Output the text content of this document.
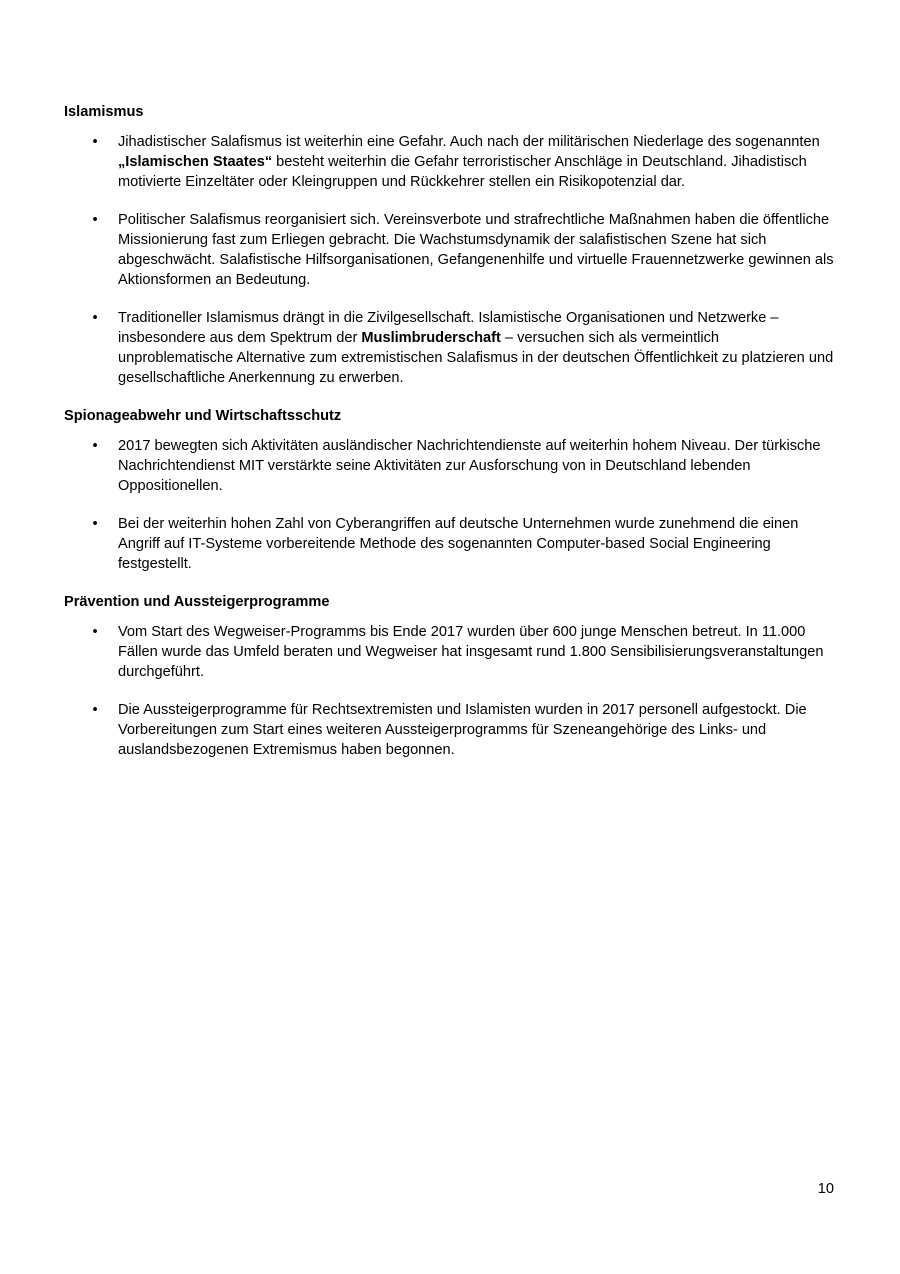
Islamismus
• Jihadistischer Salafismus ist weiterhin eine Gefahr. Auch nach der militärischen Niederlage des sogenannten „Islamischen Staates“ besteht weiterhin die Gefahr terroristischer Anschläge in Deutschland. Jihadistisch motivierte Einzeltäter oder Kleingruppen und Rückkehrer stellen ein Risikopotenzial dar.
• Politischer Salafismus reorganisiert sich. Vereinsverbote und strafrechtliche Maßnahmen haben die öffentliche Missionierung fast zum Erliegen gebracht. Die Wachstumsdynamik der salafistischen Szene hat sich abgeschwächt. Salafistische Hilfsorganisationen, Gefangenenhilfe und virtuelle Frauennetzwerke gewinnen als Aktionsformen an Bedeutung.
• Traditioneller Islamismus drängt in die Zivilgesellschaft. Islamistische Organisationen und Netzwerke – insbesondere aus dem Spektrum der Muslimbruderschaft – versuchen sich als vermeintlich unproblematische Alternative zum extremistischen Salafismus in der deutschen Öffentlichkeit zu platzieren und gesellschaftliche Anerkennung zu erwerben.
Spionageabwehr und Wirtschaftsschutz
• 2017 bewegten sich Aktivitäten ausländischer Nachrichtendienste auf weiterhin hohem Niveau. Der türkische Nachrichtendienst MIT verstärkte seine Aktivitäten zur Ausforschung von in Deutschland lebenden Oppositionellen.
• Bei der weiterhin hohen Zahl von Cyberangriffen auf deutsche Unternehmen wurde zunehmend die einen Angriff auf IT-Systeme vorbereitende Methode des sogenannten Computer-based Social Engineering festgestellt.
Prävention und Aussteigerprogramme
• Vom Start des Wegweiser-Programms bis Ende 2017 wurden über 600 junge Menschen betreut. In 11.000 Fällen wurde das Umfeld beraten und Wegweiser hat insgesamt rund 1.800 Sensibilisierungsveranstaltungen durchgeführt.
• Die Aussteigerprogramme für Rechtsextremisten und Islamisten wurden in 2017 personell aufgestockt. Die Vorbereitungen zum Start eines weiteren Aussteigerprogramms für Szeneangehörige des Links- und auslandsbezogenen Extremismus haben begonnen.
10
